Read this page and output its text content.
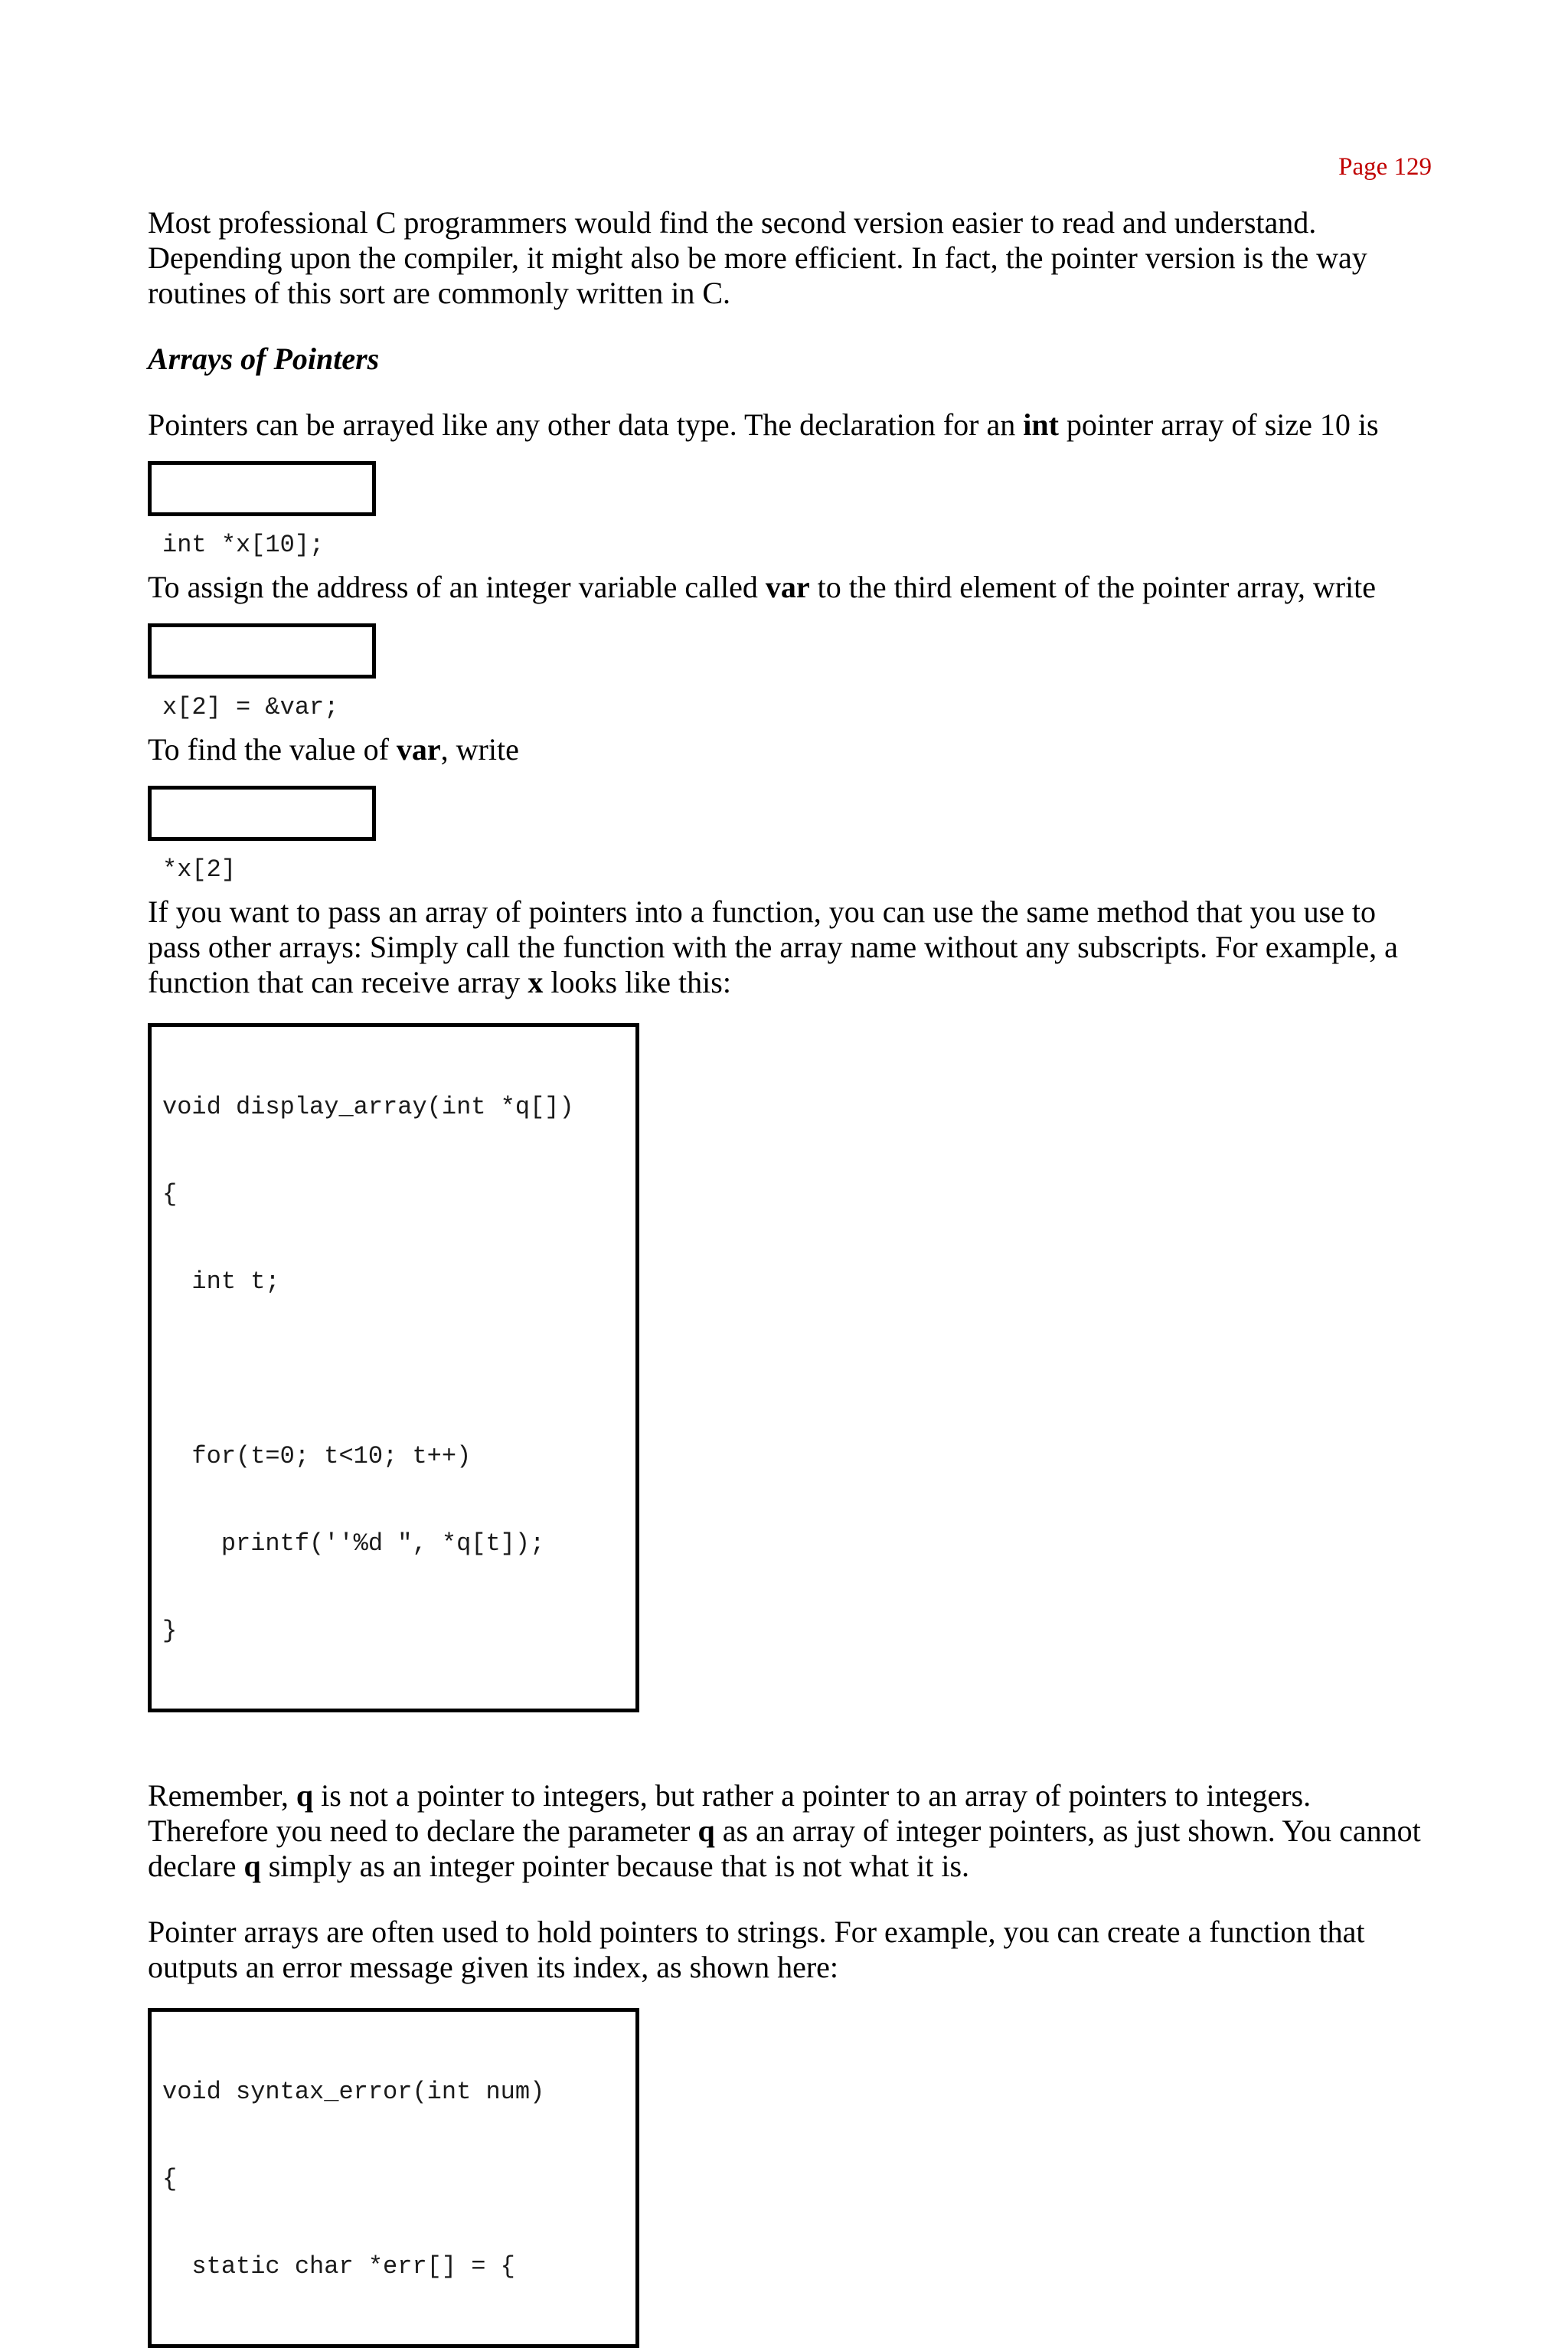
Page 129

Most professional C programmers would find the second version easier to read and understand. Depending upon the compiler, it might also be more efficient. In fact, the pointer version is the way routines of this sort are commonly written in C.

Arrays of Pointers

Pointers can be arrayed like any other data type. The declaration for an int pointer array of size 10 is

int *x[10];

To assign the address of an integer variable called var to the third element of the pointer array, write

x[2] = &var;

To find the value of var, write

*x[2]

If you want to pass an array of pointers into a function, you can use the same method that you use to pass other arrays: Simply call the function with the array name without any subscripts. For example, a function that can receive array x looks like this:

void display_array(int *q[])

{

int t;

for(t=0; t<10; t++)

printf(''%d ", *q[t]);

}

Remember, q is not a pointer to integers, but rather a pointer to an array of pointers to integers. Therefore you need to declare the parameter q as an array of integer pointers, as just shown. You cannot declare q simply as an integer pointer because that is not what it is.

Pointer arrays are often used to hold pointers to strings. For example, you can create a function that outputs an error message given its index, as shown here:

void syntax_error(int num)

{

static char *err[] = {
